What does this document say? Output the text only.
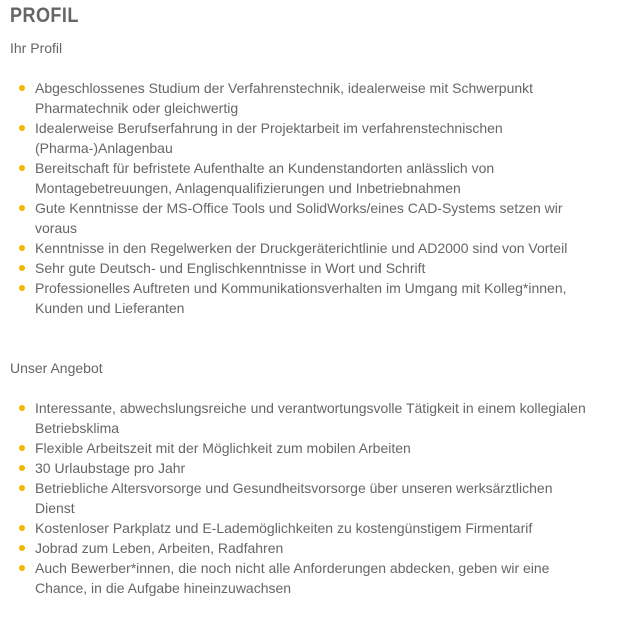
PROFIL
Ihr Profil
Abgeschlossenes Studium der Verfahrenstechnik, idealerweise mit Schwerpunkt Pharmatechnik oder gleichwertig
Idealerweise Berufserfahrung in der Projektarbeit im verfahrenstechnischen (Pharma-)Anlagenbau
Bereitschaft für befristete Aufenthalte an Kundenstandorten anlässlich von Montagebetreuungen, Anlagenqualifizierungen und Inbetriebnahmen
Gute Kenntnisse der MS-Office Tools und SolidWorks/eines CAD-Systems setzen wir voraus
Kenntnisse in den Regelwerken der Druckgeräterichtlinie und AD2000 sind von Vorteil
Sehr gute Deutsch- und Englischkenntnisse in Wort und Schrift
Professionelles Auftreten und Kommunikationsverhalten im Umgang mit Kolleg*innen, Kunden und Lieferanten
Unser Angebot
Interessante, abwechslungsreiche und verantwortungsvolle Tätigkeit in einem kollegialen Betriebsklima
Flexible Arbeitszeit mit der Möglichkeit zum mobilen Arbeiten
30 Urlaubstage pro Jahr
Betriebliche Altersvorsorge und Gesundheitsvorsorge über unseren werksärztlichen Dienst
Kostenloser Parkplatz und E-Lademöglichkeiten zu kostengünstigem Firmentarif
Jobrad zum Leben, Arbeiten, Radfahren
Auch Bewerber*innen, die noch nicht alle Anforderungen abdecken, geben wir eine Chance, in die Aufgabe hineinzuwachsen
